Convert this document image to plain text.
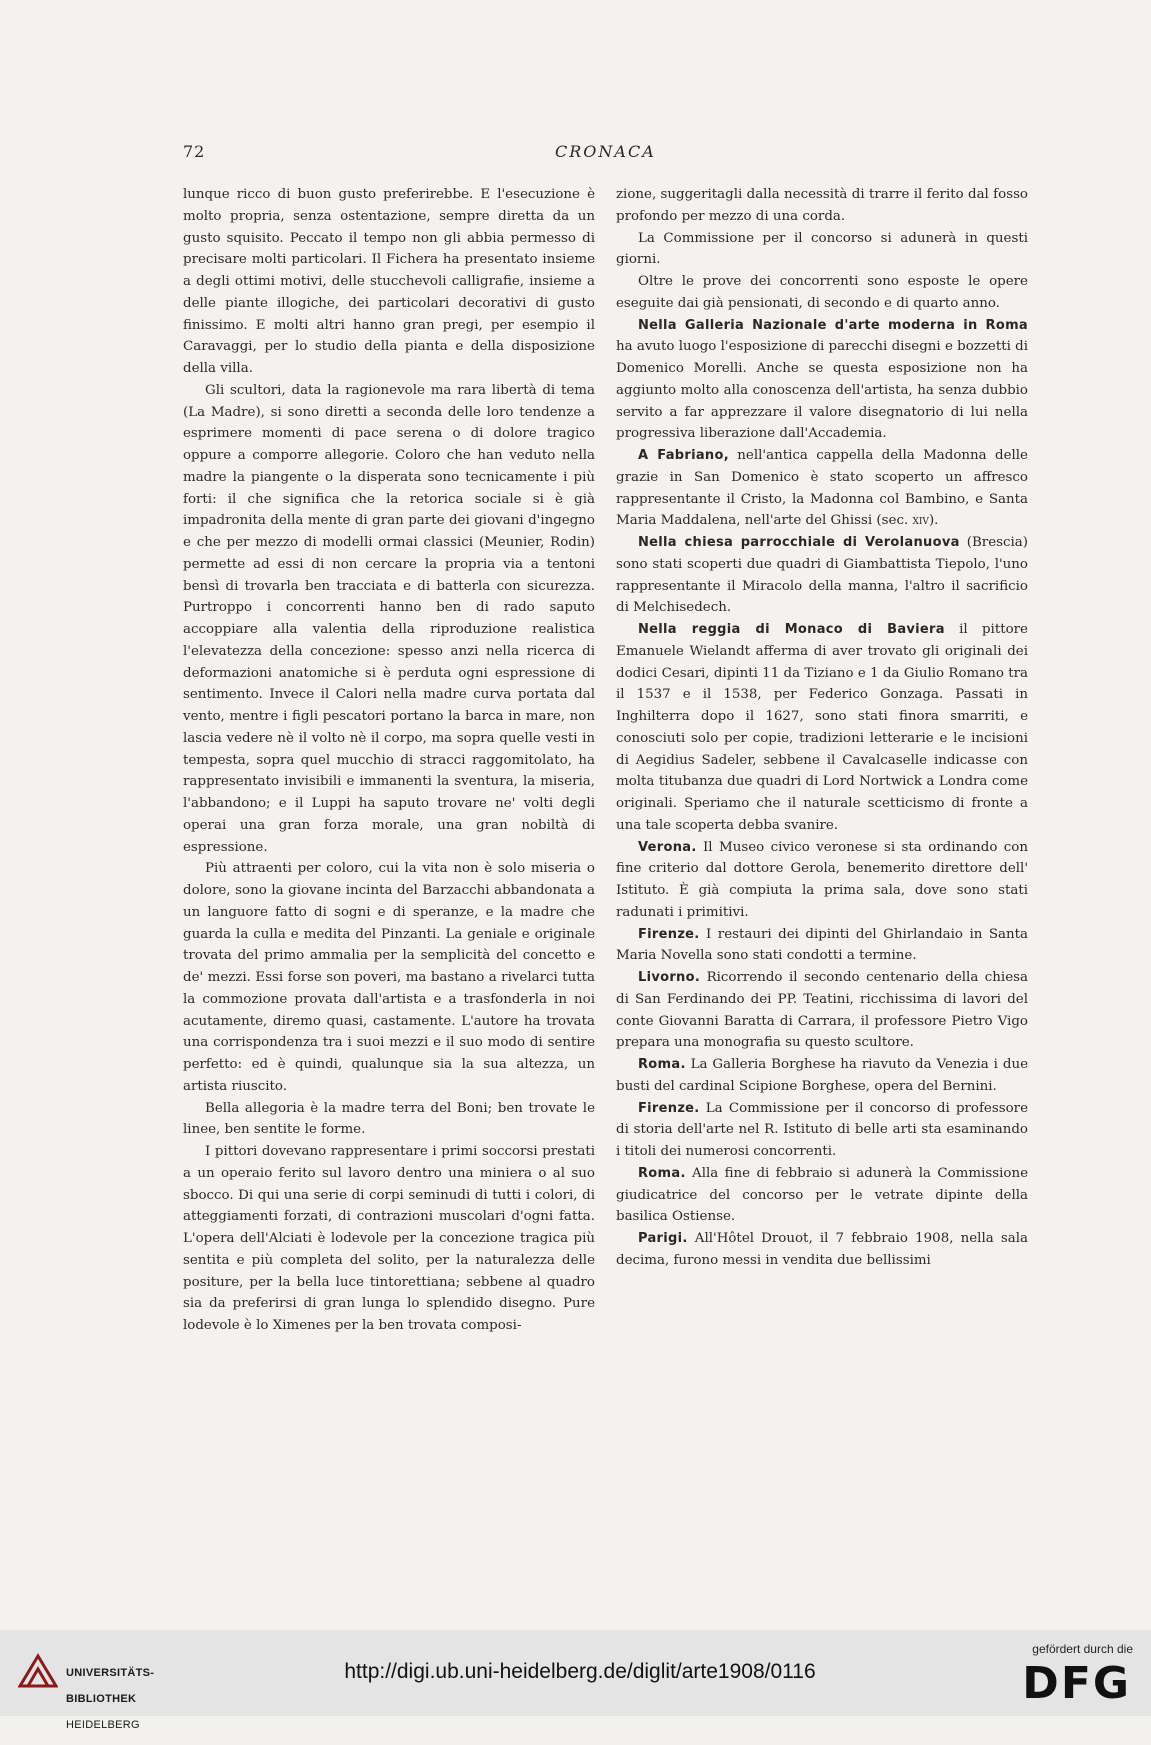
72	CRONACA

lunque ricco di buon gusto preferirebbe. E l'esecuzione è molto propria, senza ostentazione, sempre diretta da un gusto squisito. Peccato il tempo non gli abbia permesso di precisare molti particolari. Il Fichera ha presentato insieme a degli ottimi motivi, delle stucchevoli calligrafie, insieme a delle piante illogiche, dei particolari decorativi di gusto finissimo. E molti altri hanno gran pregi, per esempio il Caravaggi, per lo studio della pianta e della disposizione della villa.

Gli scultori, data la ragionevole ma rara libertà di tema (La Madre), si sono diretti a seconda delle loro tendenze a esprimere momenti di pace serena o di dolore tragico oppure a comporre allegorie. Coloro che han veduto nella madre la piangente o la disperata sono tecnicamente i più forti: il che significa che la retorica sociale si è già impadronita della mente di gran parte dei giovani d'ingegno e che per mezzo di modelli ormai classici (Meunier, Rodin) permette ad essi di non cercare la propria via a tentoni bensì di trovarla ben tracciata e di batterla con sicurezza. Purtroppo i concorrenti hanno ben di rado saputo accoppiare alla valentia della riproduzione realistica l'elevatezza della concezione: spesso anzi nella ricerca di deformazioni anatomiche si è perduta ogni espressione di sentimento. Invece il Calori nella madre curva portata dal vento, mentre i figli pescatori portano la barca in mare, non lascia vedere nè il volto nè il corpo, ma sopra quelle vesti in tempesta, sopra quel mucchio di stracci raggomitolato, ha rappresentato invisibili e immanenti la sventura, la miseria, l'abbandono; e il Luppi ha saputo trovare ne' volti degli operai una gran forza morale, una gran nobiltà di espressione.

Più attraenti per coloro, cui la vita non è solo miseria o dolore, sono la giovane incinta del Barzacchi abbandonata a un languore fatto di sogni e di speranze, e la madre che guarda la culla e medita del Pinzanti. La geniale e originale trovata del primo ammalia per la semplicità del concetto e de' mezzi. Essi forse son poveri, ma bastano a rivelarci tutta la commozione provata dall'artista e a trasfonderla in noi acutamente, diremo quasi, castamente. L'autore ha trovata una corrispondenza tra i suoi mezzi e il suo modo di sentire perfetto: ed è quindi, qualunque sia la sua altezza, un artista riuscito.

Bella allegoria è la madre terra del Boni; ben trovate le linee, ben sentite le forme.

I pittori dovevano rappresentare i primi soccorsi prestati a un operaio ferito sul lavoro dentro una miniera o al suo sbocco. Di qui una serie di corpi seminudi di tutti i colori, di atteggiamenti forzati, di contrazioni muscolari d'ogni fatta. L'opera dell'Alciati è lodevole per la concezione tragica più sentita e più completa del solito, per la naturalezza delle positure, per la bella luce tintorettiana; sebbene al quadro sia da preferirsi di gran lunga lo splendido disegno. Pure lodevole è lo Ximenes per la ben trovata composi-

zione, suggeritagli dalla necessità di trarre il ferito dal fosso profondo per mezzo di una corda.

La Commissione per il concorso si adunerà in questi giorni.

Oltre le prove dei concorrenti sono esposte le opere eseguite dai già pensionati, di secondo e di quarto anno.

Nella Galleria Nazionale d'arte moderna in Roma ha avuto luogo l'esposizione di parecchi disegni e bozzetti di Domenico Morelli. Anche se questa esposizione non ha aggiunto molto alla conoscenza dell'artista, ha senza dubbio servito a far apprezzare il valore disegnatorio di lui nella progressiva liberazione dall'Accademia.

A Fabriano, nell'antica cappella della Madonna delle grazie in San Domenico è stato scoperto un affresco rappresentante il Cristo, la Madonna col Bambino, e Santa Maria Maddalena, nell'arte del Ghissi (sec. xiv).

Nella chiesa parrocchiale di Verolanuova (Brescia) sono stati scoperti due quadri di Giambattista Tiepolo, l'uno rappresentante il Miracolo della manna, l'altro il sacrificio di Melchisedech.

Nella reggia di Monaco di Baviera il pittore Emanuele Wielandt afferma di aver trovato gli originali dei dodici Cesari, dipinti 11 da Tiziano e 1 da Giulio Romano tra il 1537 e il 1538, per Federico Gonzaga. Passati in Inghilterra dopo il 1627, sono stati finora smarriti, e conosciuti solo per copie, tradizioni letterarie e le incisioni di Aegidius Sadeler, sebbene il Cavalcaselle indicasse con molta titubanza due quadri di Lord Nortwick a Londra come originali. Speriamo che il naturale scetticismo di fronte a una tale scoperta debba svanire.

Verona. Il Museo civico veronese si sta ordinando con fine criterio dal dottore Gerola, benemerito direttore dell' Istituto. È già compiuta la prima sala, dove sono stati radunati i primitivi.

Firenze. I restauri dei dipinti del Ghirlandaio in Santa Maria Novella sono stati condotti a termine.

Livorno. Ricorrendo il secondo centenario della chiesa di San Ferdinando dei PP. Teatini, ricchissima di lavori del conte Giovanni Baratta di Carrara, il professore Pietro Vigo prepara una monografia su questo scultore.

Roma. La Galleria Borghese ha riavuto da Venezia i due busti del cardinal Scipione Borghese, opera del Bernini.

Firenze. La Commissione per il concorso di professore di storia dell'arte nel R. Istituto di belle arti sta esaminando i titoli dei numerosi concorrenti.

Roma. Alla fine di febbraio si adunerà la Commissione giudicatrice del concorso per le vetrate dipinte della basilica Ostiense.

Parigi. All'Hôtel Drouot, il 7 febbraio 1908, nella sala decima, furono messi in vendita due bellissimi

UNIVERSITÄTS-

BIBLIOTHEK

HEIDELBERG

http://digi.ub.uni-heidelberg.de/diglit/arte1908/0116
gefördert durch die
DFG
